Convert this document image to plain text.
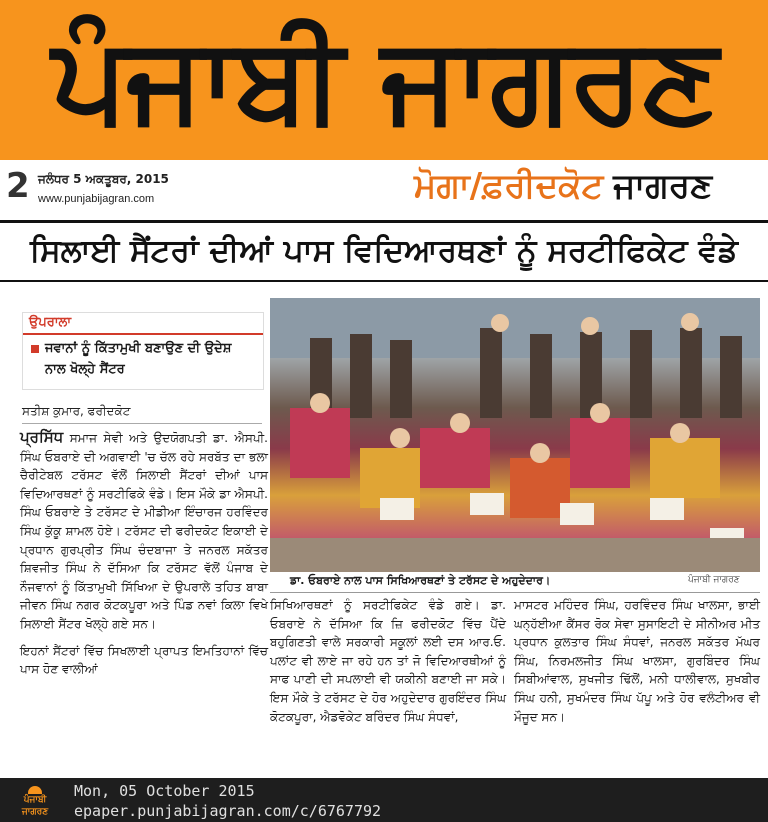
ਪੰਜਾਬੀ ਜਾਗਰਣ
2 ਜਲੰਧਰ 5 ਅਕਤੂਬਰ, 2015
www.punjabijagran.com	ਮੋਗਾ/ਫ਼ਰੀਦਕੋਟ ਜਾਗਰਣ
ਸਿਲਾਈ ਸੈਂਟਰਾਂ ਦੀਆਂ ਪਾਸ ਵਿਦਿਆਰਥਣਾਂ ਨੂੰ ਸਰਟੀਫਿਕੇਟ ਵੰਡੇ
ਉਪਰਾਲਾ
ਜਵਾਨਾਂ ਨੂੰ ਕਿੱਤਾਮੁਖੀ ਬਣਾਉਣ ਦੀ ਉਦੇਸ਼ ਨਾਲ ਖੋਲ੍ਹੇ ਸੈਂਟਰ
ਸਤੀਸ਼ ਕੁਮਾਰ, ਫਰੀਦਕੋਟ

ਪ੍ਰਸਿੱਧ ਸਮਾਜ ਸੇਵੀ ਅਤੇ ਉਦਯੋਗਪਤੀ ਡਾ. ਐਸਪੀ. ਸਿੰਘ ਓਬਰਾਏ ਦੀ ਅਗਵਾਈ 'ਚ ਚੱਲ ਰਹੇ ਸਰਬੱਤ ਦਾ ਭਲਾ ਚੈਰੀਟੇਬਲ ਟਰੱਸਟ ਵੱਲੋਂ ਸਿਲਾਈ ਸੈਂਟਰਾਂ ਦੀਆਂ ਪਾਸ ਵਿਦਿਆਰਥਣਾਂ ਨੂੰ ਸਰਟੀਫਿਕੇ ਵੰਡੇ। ਇਸ ਮੌਕੇ ਡਾ ਐਸਪੀ. ਸਿੰਘ ਓਬਰਾਏ ਤੇ ਟਰੱਸਟ ਦੇ ਮੀਡੀਆ ਇੰਚਾਰਜ ਹਰਵਿੰਦਰ ਸਿੰਘ ਕੁੱਕੂ ਸ਼ਾਮਲ ਹੋਏ। ਟਰੱਸਟ ਦੀ ਫਰੀਦਕੋਟ ਇਕਾਈ ਦੇ ਪ੍ਰਧਾਨ ਗੁਰਪ੍ਰੀਤ ਸਿੰਘ ਚੰਦਬਾਜਾ ਤੇ ਜਨਰਲ ਸਕੱਤਰ ਸ਼ਿਵਜੀਤ ਸਿੰਘ ਨੇ ਦੱਸਿਆ ਕਿ ਟਰੱਸਟ ਵੱਲੋਂ ਪੰਜਾਬ ਦੇ ਨੌਜਵਾਨਾਂ ਨੂੰ ਕਿੱਤਾਮੁਖੀ ਸਿੱਖਿਆ ਦੇ ਉਪਰਾਲੇ ਤਹਿਤ ਬਾਬਾ ਜੀਵਨ ਸਿੰਘ ਨਗਰ ਕੋਟਕਪੂਰਾ ਅਤੇ ਪਿੰਡ ਨਵਾਂ ਕਿਲਾ ਵਿਖੇ ਸਿਲਾਈ ਸੈਂਟਰ ਖੋਲ੍ਹੇ ਗਏ ਸਨ।

ਇਹਨਾਂ ਸੈਂਟਰਾਂ ਵਿੱਚ ਸਿਖਲਾਈ ਪ੍ਰਾਪਤ ਇਮਤਿਹਾਨਾਂ ਵਿੱਚ ਪਾਸ ਹੋਣ ਵਾਲੀਆਂ

ਡਾ. ਓਬਰਾਏ ਨਾਲ ਪਾਸ ਸਿਖਿਆਰਥਣਾਂ ਤੇ ਟਰੱਸਟ ਦੇ ਅਹੁਦੇਦਾਰ।	ਪੰਜਾਬੀ ਜਾਗਰਣ
ਸਿਖਿਆਰਥਣਾਂ ਨੂੰ ਸਰਟੀਫਿਕੇਟ ਵੰਡੇ ਗਏ। ਡਾ. ਓਬਰਾਏ ਨੇ ਦੱਸਿਆ ਕਿ ਜ਼ਿ ਫਰੀਦਕੋਟ ਵਿੱਚ ਪੈਂਦੇ ਬਹੁਗਿਣਤੀ ਵਾਲੇ ਸਰਕਾਰੀ ਸਕੂਲਾਂ ਲਈ ਦਸ ਆਰ.ਓ. ਪਲਾਂਟ ਵੀ ਲਾਏ ਜਾ ਰਹੇ ਹਨ ਤਾਂ ਜੋ ਵਿਦਿਆਰਥੀਆਂ ਨੂੰ ਸਾਫ ਪਾਣੀ ਦੀ ਸਪਲਾਈ ਵੀ ਯਕੀਨੀ ਬਣਾਈ ਜਾ ਸਕੇ। ਇਸ ਮੌਕੇ ਤੇ ਟਰੱਸਟ ਦੇ ਹੋਰ ਅਹੁਦੇਦਾਰ ਗੁਰਇੰਦਰ ਸਿੰਘ ਕੋਟਕਪੂਰਾ, ਐਡਵੋਕੇਟ ਬਰਿੰਦਰ ਸਿੰਘ ਸੰਧਵਾਂ,
ਮਾਸਟਰ ਮਹਿੰਦਰ ਸਿੰਘ, ਹਰਵਿੰਦਰ ਸਿੰਘ ਖਾਲਸਾ, ਭਾਈ ਘਨ੍ਹੱਈਆ ਕੈਂਸਰ ਰੋਕ ਸੇਵਾ ਸੁਸਾਇਟੀ ਦੇ ਸੀਨੀਅਰ ਮੀਤ ਪ੍ਰਧਾਨ ਕੁਲਤਾਰ ਸਿੰਘ ਸੰਧਵਾਂ, ਜਨਰਲ ਸਕੱਤਰ ਮੱਘਰ ਸਿੰਘ, ਨਿਰਮਲਜੀਤ ਸਿੰਘ ਖਾਲਸਾ, ਗੁਰਬਿੰਦਰ ਸਿੰਘ ਸਿਬੀਆਂਵਾਲ, ਸੁਖਜੀਤ ਢਿੱਲੋਂ, ਮਨੀ ਧਾਲੀਵਾਲ, ਸੁਖਬੀਰ ਸਿੰਘ ਹਨੀ, ਸੁਖਮੰਦਰ ਸਿੰਘ ਪੱਪੂ ਅਤੇ ਹੋਰ ਵਲੰਟੀਅਰ ਵੀ ਮੌਜੂਦ ਸਨ।
ਪੰਜਾਬੀ ਜਾਗਰਣ
Mon, 05 October 2015
epaper.punjabijagran.com/c/6767792
